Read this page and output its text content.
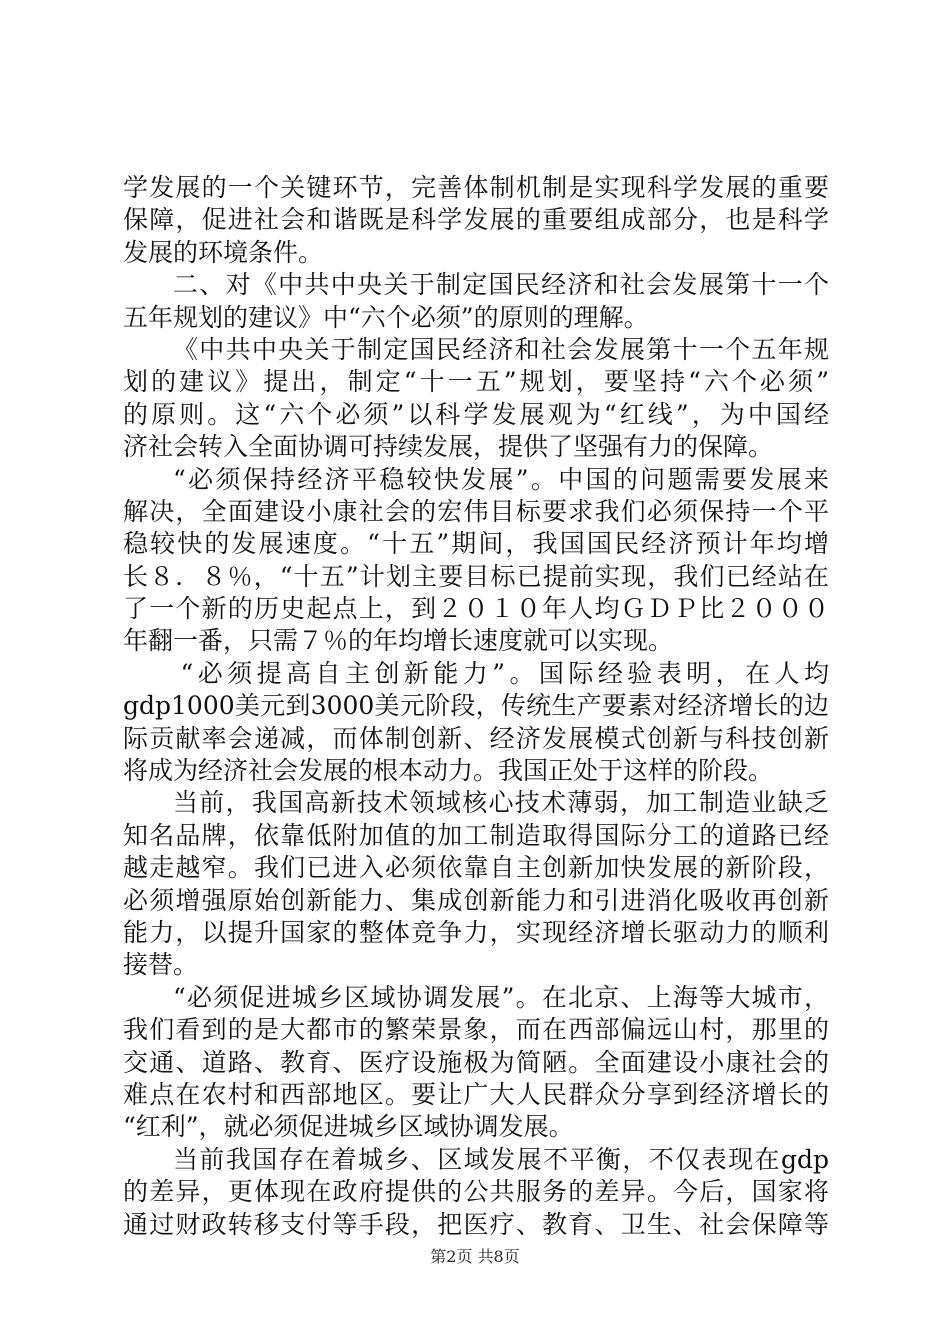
学发展的一个关键环节，完善体制机制是实现科学发展的重要
保障，促进社会和谐既是科学发展的重要组成部分，也是科学
发展的环境条件。
二、对《中共中央关于制定国民经济和社会发展第十一个
五年规划的建议》中“六个必须”的原则的理解。
《中共中央关于制定国民经济和社会发展第十一个五年规
划的建议》提出，制定“十一五”规划，要坚持“六个必须”
的原则。这“六个必须”以科学发展观为“红线”，为中国经
济社会转入全面协调可持续发展，提供了坚强有力的保障。
“必须保持经济平稳较快发展”。中国的问题需要发展来
解决，全面建设小康社会的宏伟目标要求我们必须保持一个平
稳较快的发展速度。“十五”期间，我国国民经济预计年均增
长８．８％，“十五”计划主要目标已提前实现，我们已经站在
了一个新的历史起点上，到２０１０年人均ＧＤＰ比２０００
年翻一番，只需７％的年均增长速度就可以实现。
“必须提高自主创新能力”。国际经验表明，在人均
gdp1000美元到3000美元阶段，传统生产要素对经济增长的边
际贡献率会递减，而体制创新、经济发展模式创新与科技创新
将成为经济社会发展的根本动力。我国正处于这样的阶段。
当前，我国高新技术领域核心技术薄弱，加工制造业缺乏
知名品牌，依靠低附加值的加工制造取得国际分工的道路已经
越走越窄。我们已进入必须依靠自主创新加快发展的新阶段，
必须增强原始创新能力、集成创新能力和引进消化吸收再创新
能力，以提升国家的整体竞争力，实现经济增长驱动力的顺利
接替。
“必须促进城乡区域协调发展”。在北京、上海等大城市，
我们看到的是大都市的繁荣景象，而在西部偏远山村，那里的
交通、道路、教育、医疗设施极为简陋。全面建设小康社会的
难点在农村和西部地区。要让广大人民群众分享到经济增长的
“红利”，就必须促进城乡区域协调发展。
当前我国存在着城乡、区域发展不平衡，不仅表现在gdp
的差异，更体现在政府提供的公共服务的差异。今后，国家将
通过财政转移支付等手段，把医疗、教育、卫生、社会保障等
第2页 共8页
